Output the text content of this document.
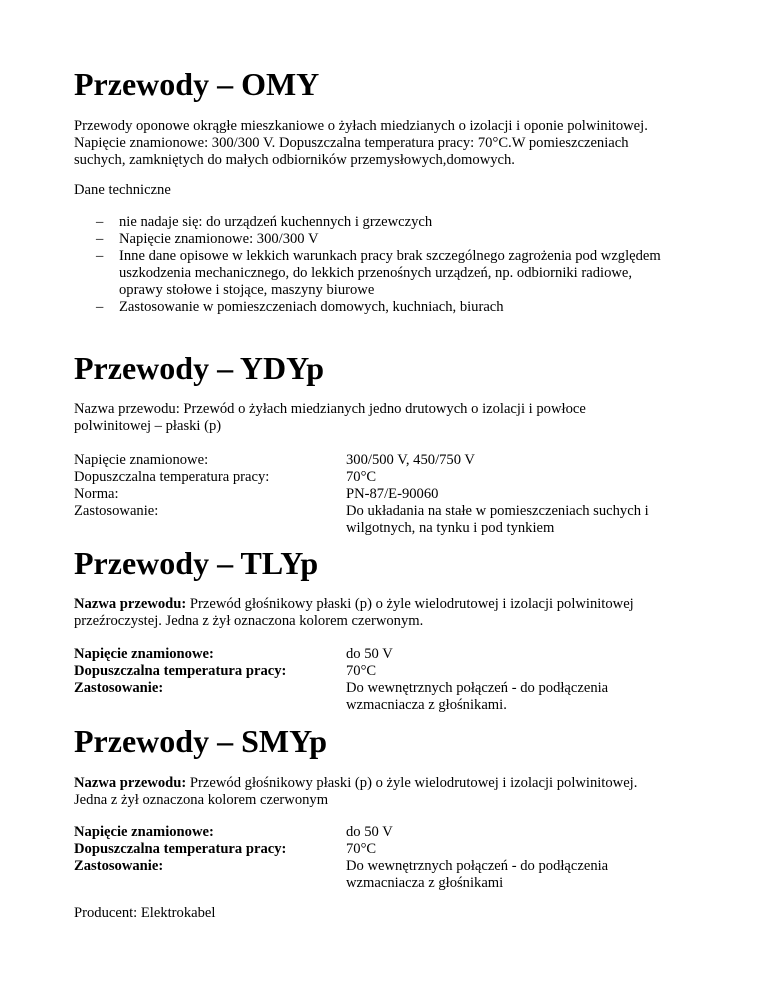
Przewody – OMY

Przewody oponowe okrągłe mieszkaniowe o żyłach miedzianych o izolacji i oponie polwinitowej.

Napięcie znamionowe: 300/300 V. Dopuszczalna temperatura pracy: 70°C.W pomieszczeniach

suchych, zamkniętych do małych odbiorników przemysłowych,domowych.

Dane techniczne
– nie nadaje się: do urządzeń kuchennych i grzewczych
– Napięcie znamionowe: 300/300 V
– Inne dane opisowe w lekkich warunkach pracy brak szczególnego zagrożenia pod względem
uszkodzenia mechanicznego, do lekkich przenośnych urządzeń, np. odbiorniki radiowe,
oprawy stołowe i stojące, maszyny biurowe
– Zastosowanie w pomieszczeniach domowych, kuchniach, biurach
Przewody – YDYp

Nazwa przewodu: Przewód o żyłach miedzianych jedno drutowych o izolacji i powłoce

polwinitowej – płaski (p)

Napięcie znamionowe:	300/500 V, 450/750 V
Dopuszczalna temperatura pracy:	70°C
Norma:	PN-87/E-90060
Zastosowanie:	Do układania na stałe w pomieszczeniach suchych i
wilgotnych, na tynku i pod tynkiem
Przewody – TLYp

Nazwa przewodu: Przewód głośnikowy płaski (p) o żyle wielodrutowej i izolacji polwinitowej

przeźroczystej. Jedna z żył oznaczona kolorem czerwonym.

Napięcie znamionowe:	do 50 V
Dopuszczalna temperatura pracy:	70°C
Zastosowanie:	Do wewnętrznych połączeń - do podłączenia
wzmacniacza z głośnikami.
Przewody – SMYp

Nazwa przewodu: Przewód głośnikowy płaski (p) o żyle wielodrutowej i izolacji polwinitowej.

Jedna z żył oznaczona kolorem czerwonym

Napięcie znamionowe:	do 50 V
Dopuszczalna temperatura pracy:	70°C
Zastosowanie:	Do wewnętrznych połączeń - do podłączenia
wzmacniacza z głośnikami
Producent: Elektrokabel
